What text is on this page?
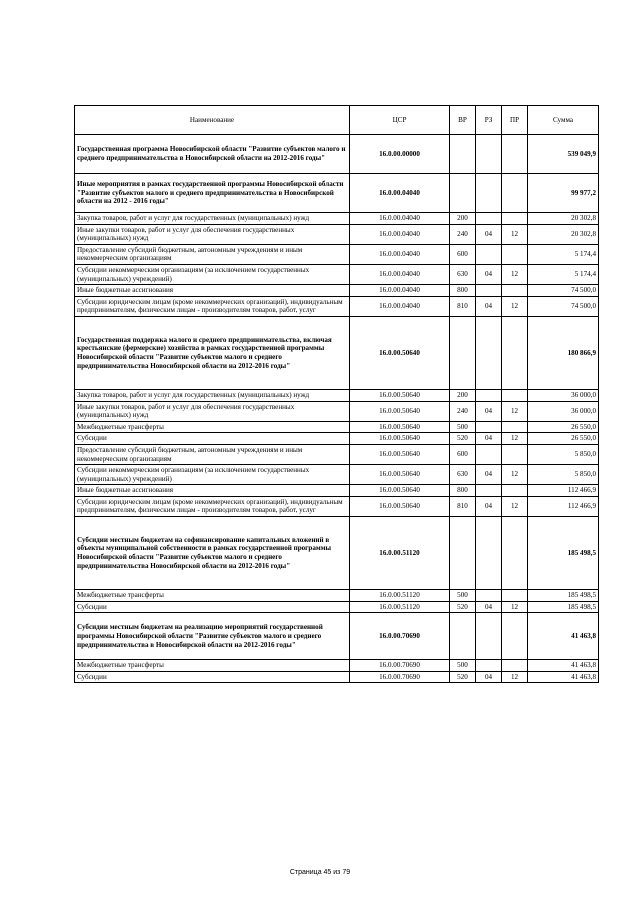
Наименование	ЦСР	ВР	РЗ	ПР	Сумма
Государственная программа Новосибирской области "Развитие субъектов малого и среднего предпринимательства в Новосибирской области на 2012-2016 годы"	16.0.00.00000				539 049,9
Иные мероприятия в рамках государственной программы Новосибирской области "Развитие субъектов малого и среднего предпринимательства в Новосибирской области на 2012 - 2016 годы"	16.0.00.04040				99 977,2
Закупка товаров, работ и услуг для государственных (муниципальных) нужд	16.0.00.04040	200			20 302,8
Иные закупки товаров, работ и услуг для обеспечения государственных (муниципальных) нужд	16.0.00.04040	240	04	12	20 302,8
Предоставление субсидий бюджетным, автономным учреждениям и иным некоммерческим организациям	16.0.00.04040	600			5 174,4
Субсидии некоммерческим организациям (за исключением государственных (муниципальных) учреждений)	16.0.00.04040	630	04	12	5 174,4
Иные бюджетные ассигнования	16.0.00.04040	800			74 500,0
Субсидии юридическим лицам (кроме некоммерческих организаций), индивидуальным предпринимателям, физическим лицам - производителям товаров, работ, услуг	16.0.00.04040	810	04	12	74 500,0
Государственная поддержка малого и среднего предпринимательства, включая крестьянские (фермерские) хозяйства в рамках государственной программы Новосибирской области "Развитие субъектов малого и среднего предпринимательства Новосибирской области на 2012-2016 годы"	16.0.00.50640				180 866,9
Закупка товаров, работ и услуг для государственных (муниципальных) нужд	16.0.00.50640	200			36 000,0
Иные закупки товаров, работ и услуг для обеспечения государственных (муниципальных) нужд	16.0.00.50640	240	04	12	36 000,0
Межбюджетные трансферты	16.0.00.50640	500			26 550,0
Субсидии	16.0.00.50640	520	04	12	26 550,0
Предоставление субсидий бюджетным, автономным учреждениям и иным некоммерческим организациям	16.0.00.50640	600			5 850,0
Субсидии некоммерческим организациям (за исключением государственных (муниципальных) учреждений)	16.0.00.50640	630	04	12	5 850,0
Иные бюджетные ассигнования	16.0.00.50640	800			112 466,9
Субсидии юридическим лицам (кроме некоммерческих организаций), индивидуальным предпринимателям, физическим лицам - производителям товаров, работ, услуг	16.0.00.50640	810	04	12	112 466,9
Субсидии местным бюджетам на софинансирование капитальных вложений в объекты муниципальной собственности в рамках государственной программы Новосибирской области "Развитие субъектов малого и среднего предпринимательства Новосибирской области на 2012-2016 годы"	16.0.00.51120				185 498,5
Межбюджетные трансферты	16.0.00.51120	500			185 498,5
Субсидии	16.0.00.51120	520	04	12	185 498,5
Субсидии местным бюджетам на реализацию мероприятий государственной программы Новосибирской области "Развитие субъектов малого и среднего предпринимательства в Новосибирской области на 2012-2016 годы"	16.0.00.70690				41 463,8
Межбюджетные трансферты	16.0.00.70690	500			41 463,8
Субсидии	16.0.00.70690	520	04	12	41 463,8
Страница 45 из 79
